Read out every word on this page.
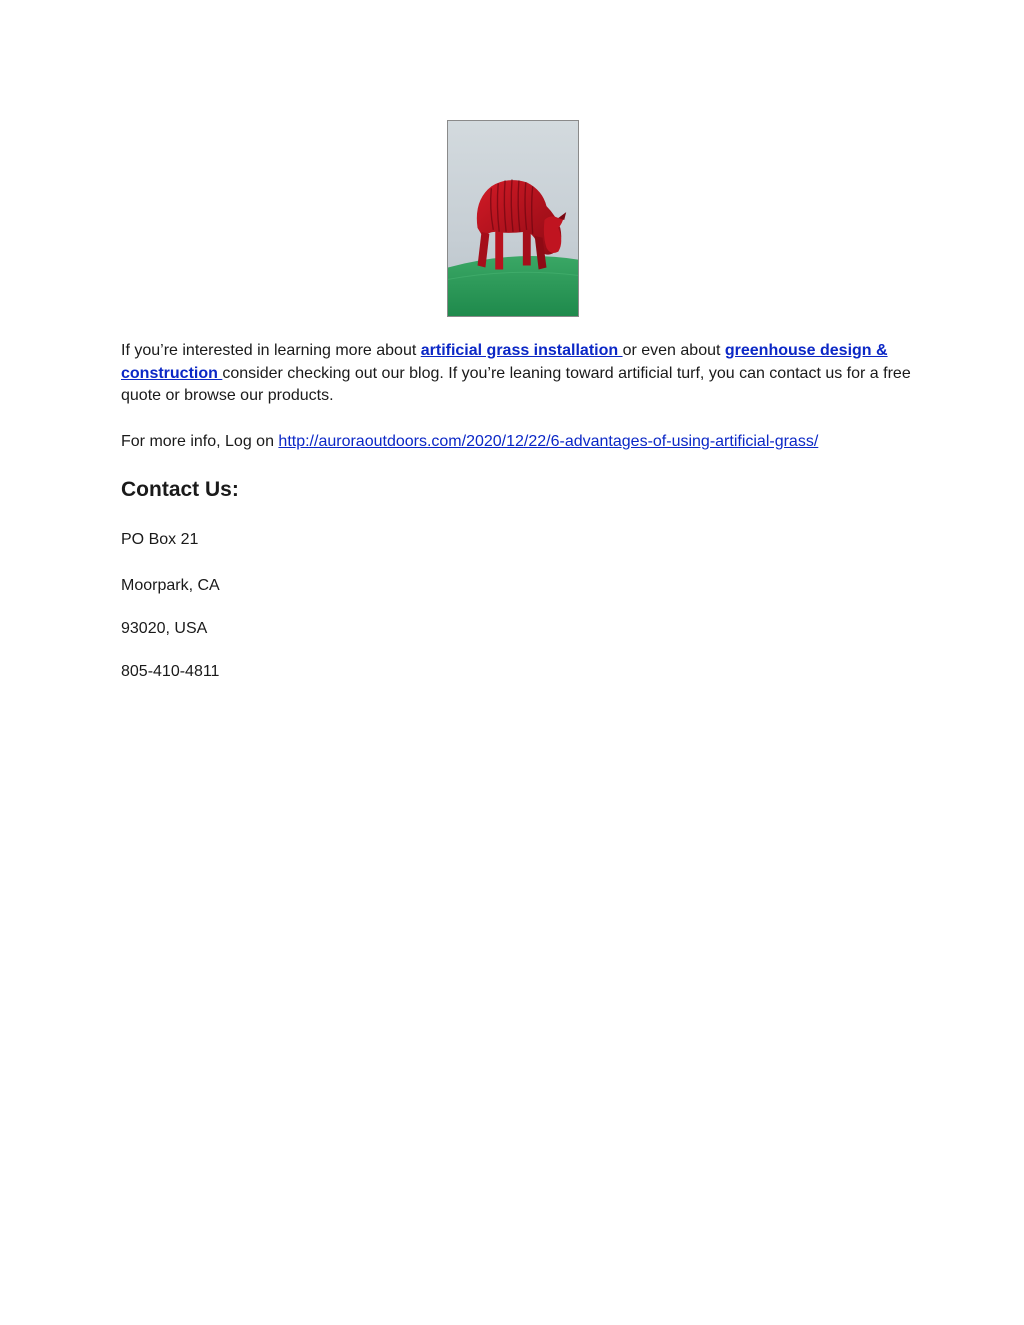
If you’re interested in learning more about artificial grass installation or even about greenhouse design & construction consider checking out our blog. If you’re leaning toward artificial turf, you can contact us for a free quote or browse our products.

For more info, Log on http://auroraoutdoors.com/2020/12/22/6-advantages-of-using-artificial-grass/

Contact Us:

PO Box 21

Moorpark, CA

93020, USA

805-410-4811
